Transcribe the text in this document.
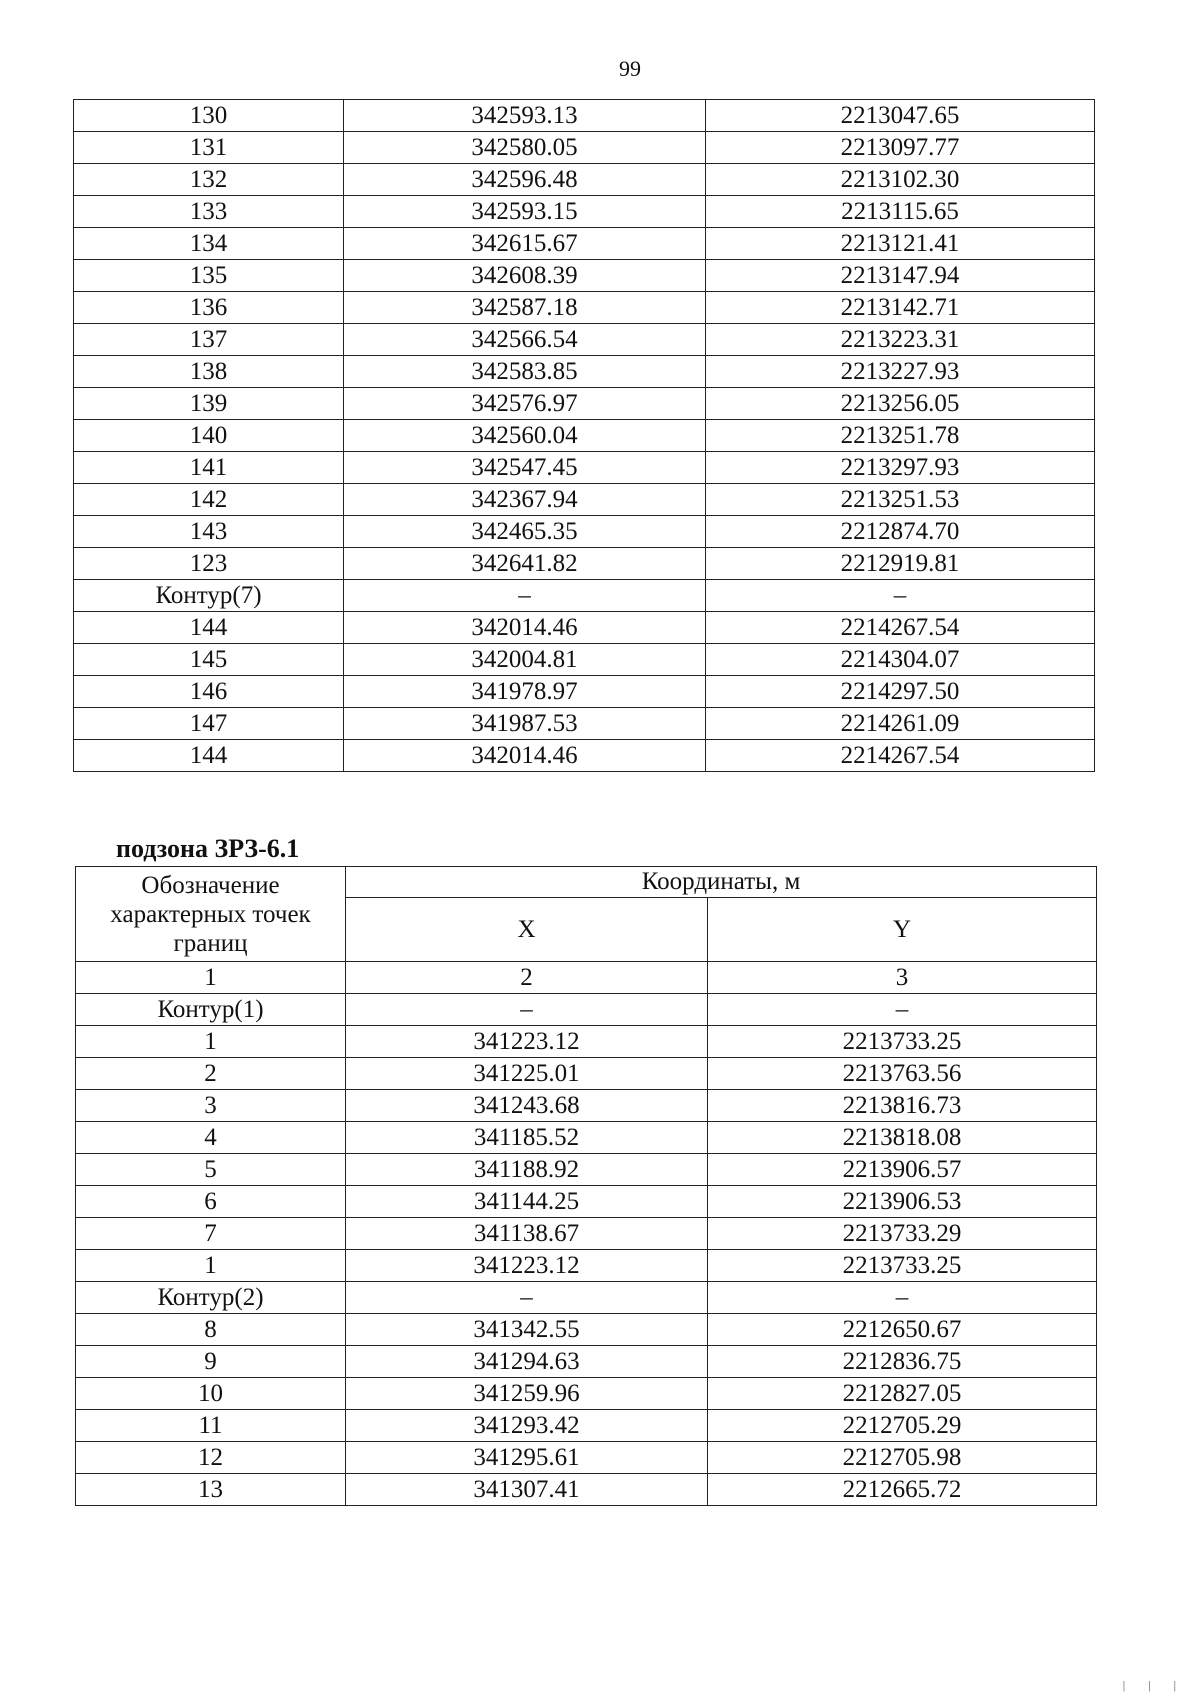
99
130	342593.13	2213047.65
131	342580.05	2213097.77
132	342596.48	2213102.30
133	342593.15	2213115.65
134	342615.67	2213121.41
135	342608.39	2213147.94
136	342587.18	2213142.71
137	342566.54	2213223.31
138	342583.85	2213227.93
139	342576.97	2213256.05
140	342560.04	2213251.78
141	342547.45	2213297.93
142	342367.94	2213251.53
143	342465.35	2212874.70
123	342641.82	2212919.81
Контур(7)	–	–
144	342014.46	2214267.54
145	342004.81	2214304.07
146	341978.97	2214297.50
147	341987.53	2214261.09
144	342014.46	2214267.54
подзона ЗРЗ-6.1
Обозначение характерных точек границ	Координаты, м	
	X	Y
1	2	3
Контур(1)	–	–
1	341223.12	2213733.25
2	341225.01	2213763.56
3	341243.68	2213816.73
4	341185.52	2213818.08
5	341188.92	2213906.57
6	341144.25	2213906.53
7	341138.67	2213733.29
1	341223.12	2213733.25
Контур(2)	–	–
8	341342.55	2212650.67
9	341294.63	2212836.75
10	341259.96	2212827.05
11	341293.42	2212705.29
12	341295.61	2212705.98
13	341307.41	2212665.72
| | |
